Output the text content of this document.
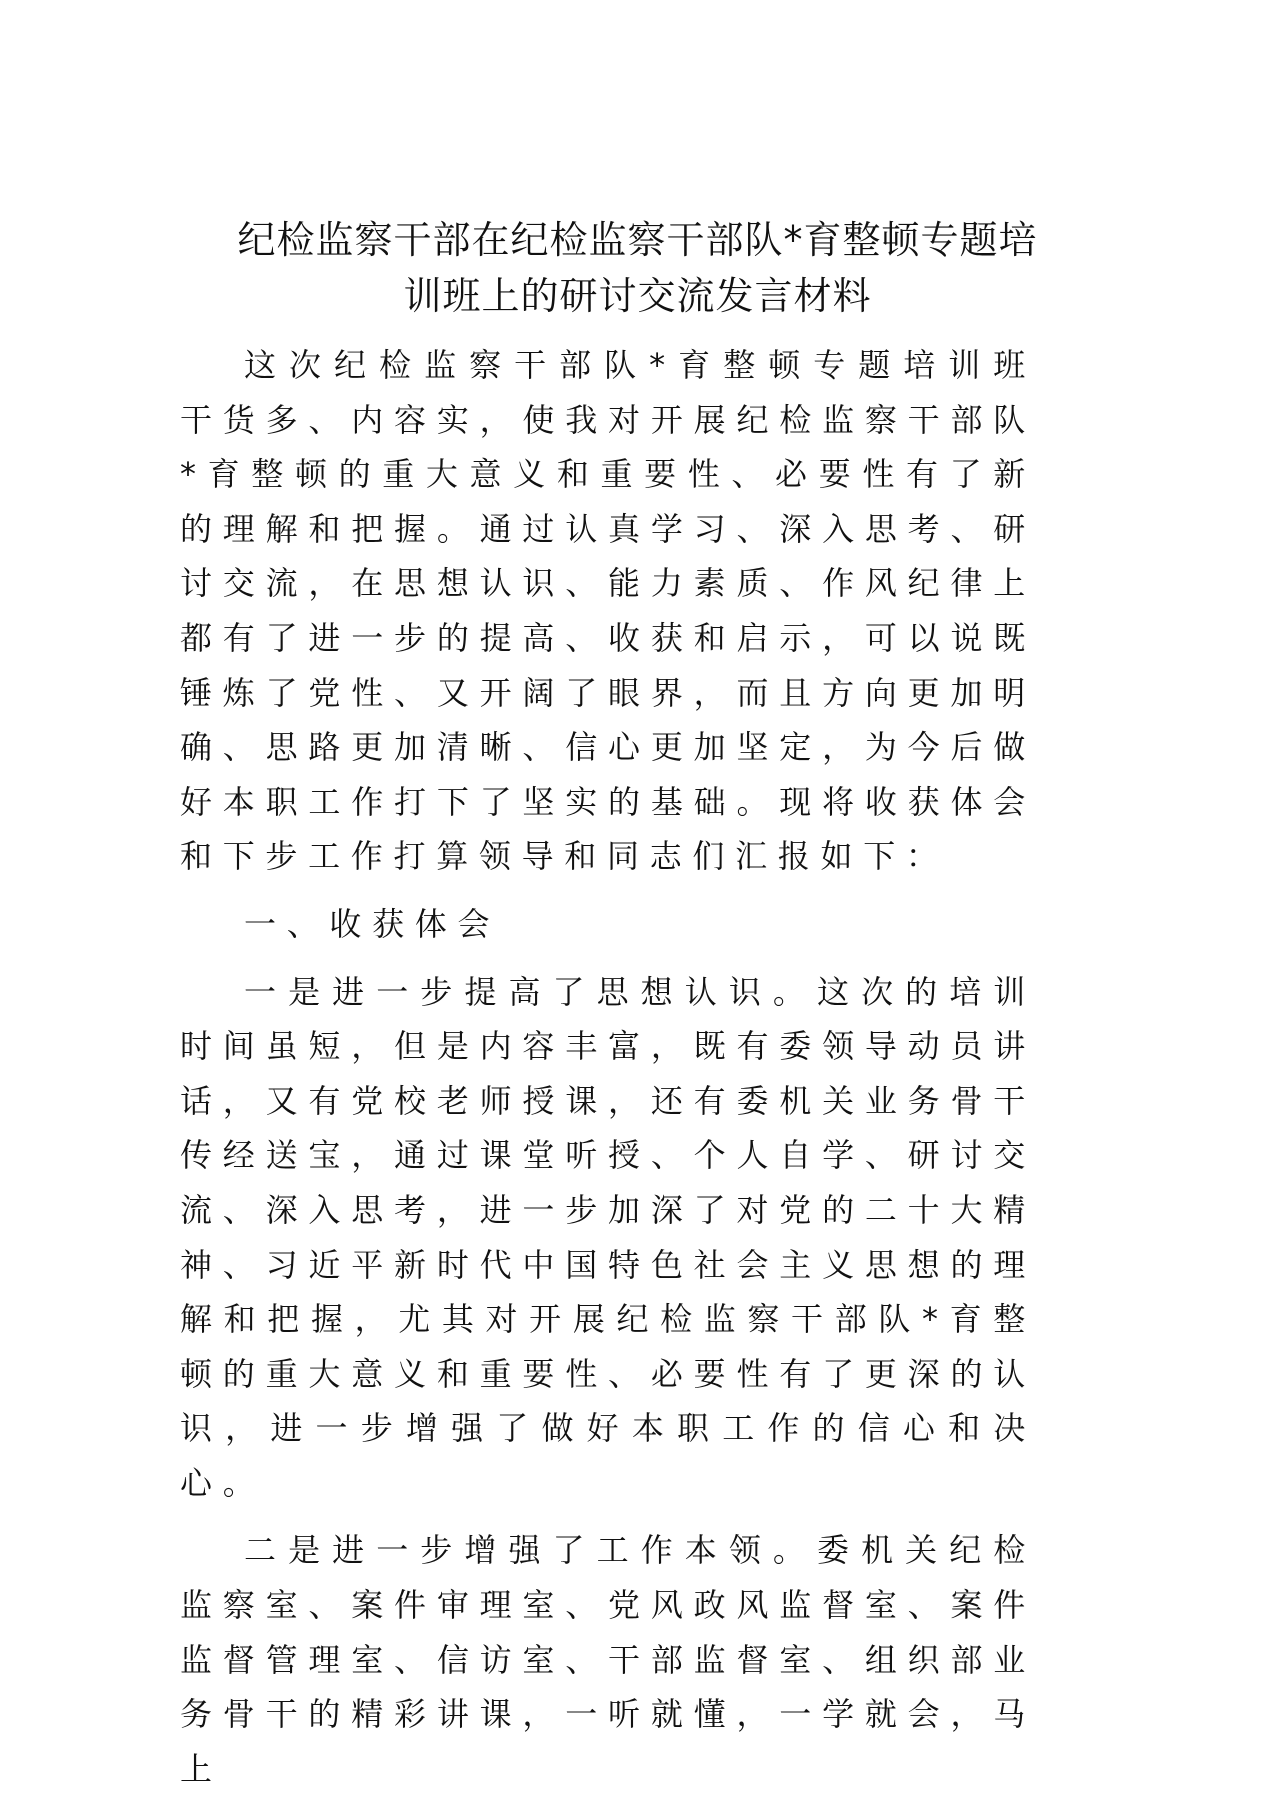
纪检监察干部在纪检监察干部队*育整顿专题培
训班上的研讨交流发言材料

这次纪检监察干部队*育整顿专题培训班干货多、内容实，使我对开展纪检监察干部队*育整顿的重大意义和重要性、必要性有了新的理解和把握。通过认真学习、深入思考、研讨交流，在思想认识、能力素质、作风纪律上都有了进一步的提高、收获和启示，可以说既锤炼了党性、又开阔了眼界，而且方向更加明确、思路更加清晰、信心更加坚定，为今后做好本职工作打下了坚实的基础。现将收获体会和下步工作打算领导和同志们汇报如下：

一、收获体会

一是进一步提高了思想认识。这次的培训时间虽短，但是内容丰富，既有委领导动员讲话，又有党校老师授课，还有委机关业务骨干传经送宝，通过课堂听授、个人自学、研讨交流、深入思考，进一步加深了对党的二十大精神、习近平新时代中国特色社会主义思想的理解和把握，尤其对开展纪检监察干部队*育整顿的重大意义和重要性、必要性有了更深的认识，进一步增强了做好本职工作的信心和决心。

二是进一步增强了工作本领。委机关纪检监察室、案件审理室、党风政风监督室、案件监督管理室、信访室、干部监督室、组织部业务骨干的精彩讲课，一听就懂，一学就会，马上
